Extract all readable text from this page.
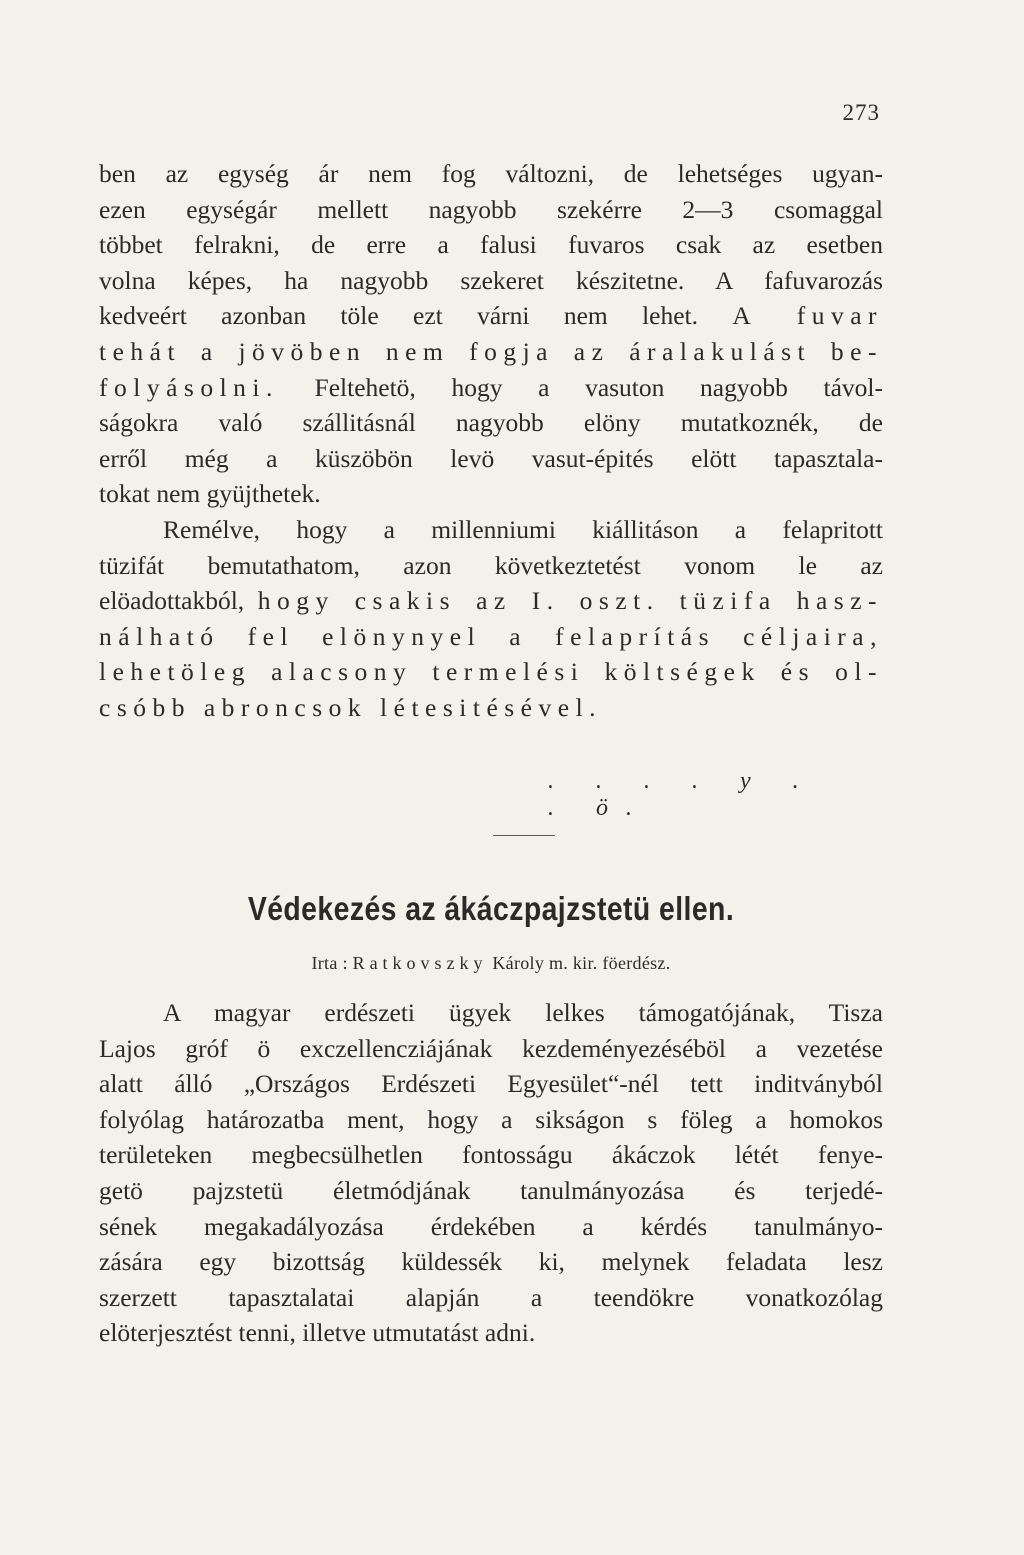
273
ben az egység ár nem fog változni, de lehetséges ugyan-
ezen egységár mellett nagyobb szekérre 2—3 csomaggal
többet felrakni, de erre a falusi fuvaros csak az esetben
volna képes, ha nagyobb szekeret készitetne. A fafuvarozás
kedveért azonban töle ezt várni nem lehet. A fuvar
tehát a jövöben nem fogja az áralakulást be-
folyásolni. Feltehetö, hogy a vasuton nagyobb távol-
ságokra való szállitásnál nagyobb elöny mutatkoznék, de
erről még a küszöbön levö vasut-épités elött tapasztala-
tokat nem gyüjthetek.
Remélve, hogy a millenniumi kiállitáson a felapritott
tüzifát bemutathatom, azon következtetést vonom le az
elöadottakból, hogy csakis az I. oszt. tüzifa hasz-
nálható fel elönynyel a felaprítás céljaira,
lehetöleg alacsony termelési költségek és ol-
csóbb abroncsok létesitésével.
. . . . y . . ö.
Védekezés az ákáczpajzstetü ellen.
Irta : Ratkovszky Károly m. kir. föerdész.
A magyar erdészeti ügyek lelkes támogatójának, Tisza
Lajos gróf ö exczellencziájának kezdeményezéséböl a vezetése
alatt álló „Országos Erdészeti Egyesület“-nél tett inditványból
folyólag határozatba ment, hogy a sikságon s föleg a homokos
területeken megbecsülhetlen fontosságu ákáczok létét fenye-
getö pajzstetü életmódjának tanulmányozása és terjedé-
sének megakadályozása érdekében a kérdés tanulmányo-
zására egy bizottság küldessék ki, melynek feladata lesz
szerzett tapasztalatai alapján a teendökre vonatkozólag
elöterjesztést tenni, illetve utmutatást adni.
